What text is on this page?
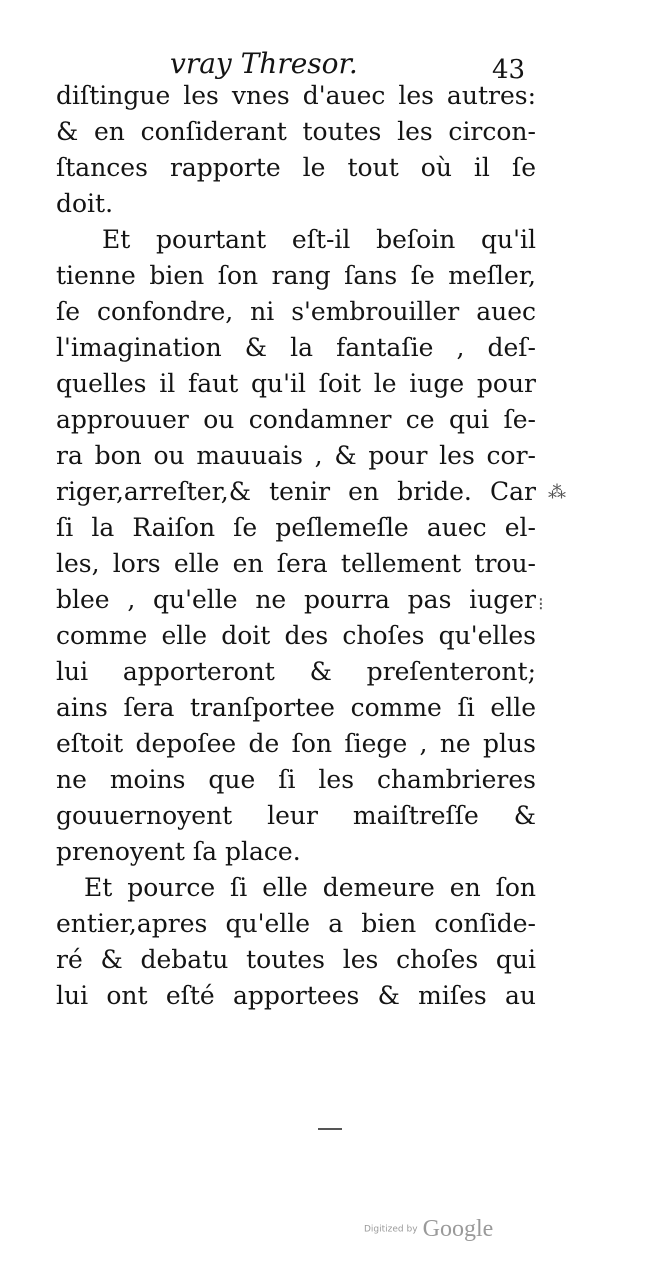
vray Thresor.	43
diſtingue les vnes d'auec les autres:
& en conſiderant toutes les circon-
ſtances rapporte le tout où il ſe
doit.
Et pourtant eſt-il beſoin qu'il
tienne bien ſon rang ſans ſe meſler,
ſe confondre, ni s'embrouiller auec
l'imagination & la fantaſie , deſ-
quelles il faut qu'il ſoit le iuge pour
approuuer ou condamner ce qui ſe-
ra bon ou mauuais , & pour les cor-
riger,arreſter,& tenir en bride. Car
ſi la Raiſon ſe peſlemeſle auec el-
les, lors elle en ſera tellement trou-
blee , qu'elle ne pourra pas iuger
comme elle doit des choſes qu'elles
lui apporteront & preſenteront;
ains ſera tranſportee comme ſi elle
eſtoit depoſee de ſon ſiege , ne plus
ne moins que ſi les chambrieres
gouuernoyent leur maiſtreſſe &
prenoyent ſa place.
Et pource ſi elle demeure en ſon
entier,apres qu'elle a bien conſide-
ré & debatu toutes les choſes qui
lui ont eſté apportees & miſes au
⁂
⁝
Digitized by Google
